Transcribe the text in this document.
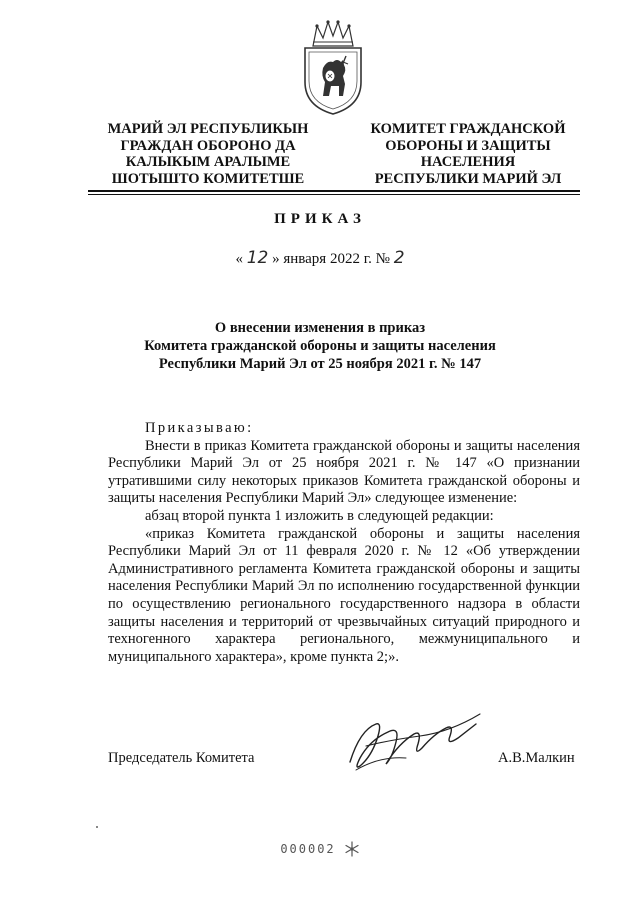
МАРИЙ ЭЛ РЕСПУБЛИКЫН
ГРАЖДАН ОБОРОНО ДА
КАЛЫКЫМ АРАЛЫМЕ
ШОТЫШТО КОМИТЕТШЕ
КОМИТЕТ ГРАЖДАНСКОЙ
ОБОРОНЫ И ЗАЩИТЫ
НАСЕЛЕНИЯ
РЕСПУБЛИКИ МАРИЙ ЭЛ
ПРИКАЗ
« 12 » января 2022 г. № 2
О внесении изменения в приказ
Комитета гражданской обороны и защиты населения
Республики Марий Эл от 25 ноября 2021 г. № 147

Приказываю:

Внести в приказ Комитета гражданской обороны и защиты населения Республики Марий Эл от 25 ноября 2021 г. № 147 «О признании утратившими силу некоторых приказов Комитета гражданской обороны и защиты населения Республики Марий Эл» следующее изменение:

абзац второй пункта 1 изложить в следующей редакции:

«приказ Комитета гражданской обороны и защиты населения Республики Марий Эл от 11 февраля 2020 г. № 12 «Об утверждении Административного регламента Комитета гражданской обороны и защиты населения Республики Марий Эл по исполнению государственной функции по осуществлению регионального государственного надзора в области защиты населения и территорий от чрезвычайных ситуаций природного и техногенного характера регионального, межмуниципального и муниципального характера», кроме пункта 2;».

Председатель Комитета	А.В.Малкин
000002
